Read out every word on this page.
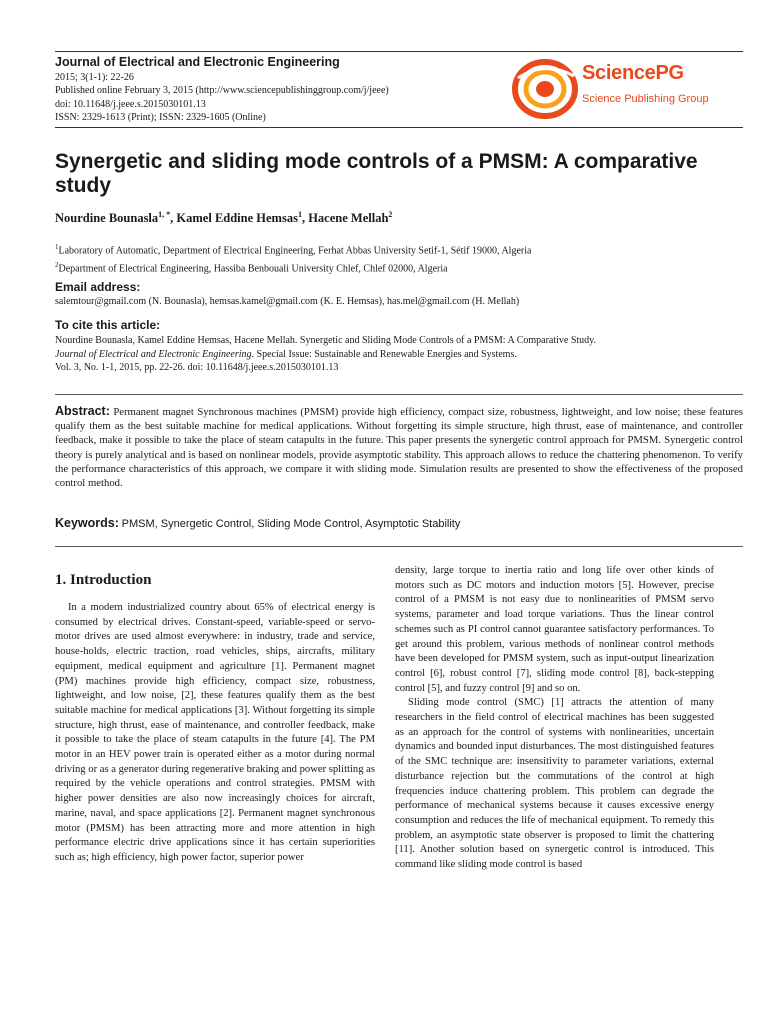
Journal of Electrical and Electronic Engineering
2015; 3(1-1): 22-26
Published online February 3, 2015 (http://www.sciencepublishinggroup.com/j/jeee)
doi: 10.11648/j.jeee.s.2015030101.13
ISSN: 2329-1613 (Print); ISSN: 2329-1605 (Online)
SciencePG
Science Publishing Group
Synergetic and sliding mode controls of a PMSM: A comparative study
Nourdine Bounasla$^{1, *}$, Kamel Eddine Hemsas$^1$, Hacene Mellah$^2$
$^1$Laboratory of Automatic, Department of Electrical Engineering, Ferhat Abbas University Setif-1, Sétif 19000, Algeria
$^2$Department of Electrical Engineering, Hassiba Benbouali University Chlef, Chlef 02000, Algeria
Email address:
salemtour@gmail.com (N. Bounasla), hemsas.kamel@gmail.com (K. E. Hemsas), has.mel@gmail.com (H. Mellah)
To cite this article:
Nourdine Bounasla, Kamel Eddine Hemsas, Hacene Mellah. Synergetic and Sliding Mode Controls of a PMSM: A Comparative Study.
Journal of Electrical and Electronic Engineering. Special Issue: Sustainable and Renewable Energies and Systems.
Vol. 3, No. 1-1, 2015, pp. 22-26. doi: 10.11648/j.jeee.s.2015030101.13
Abstract: Permanent magnet Synchronous machines (PMSM) provide high efficiency, compact size, robustness, lightweight, and low noise; these features qualify them as the best suitable machine for medical applications. Without forgetting its simple structure, high thrust, ease of maintenance, and controller feedback, make it possible to take the place of steam catapults in the future. This paper presents the synergetic control approach for PMSM. Synergetic control theory is purely analytical and is based on nonlinear models, provide asymptotic stability. This approach allows to reduce the chattering phenomenon. To verify the performance characteristics of this approach, we compare it with sliding mode. Simulation results are presented to show the effectiveness of the proposed control method.
Keywords: PMSM, Synergetic Control, Sliding Mode Control, Asymptotic Stability
1. Introduction

In a modern industrialized country about 65% of electrical energy is consumed by electrical drives. Constant-speed, variable-speed or servo-motor drives are used almost everywhere: in industry, trade and service, house-holds, electric traction, road vehicles, ships, aircrafts, military equipment, medical equipment and agriculture [1]. Permanent magnet (PM) machines provide high efficiency, compact size, robustness, lightweight, and low noise, [2], these features qualify them as the best suitable machine for medical applications [3]. Without forgetting its simple structure, high thrust, ease of maintenance, and controller feedback, make it possible to take the place of steam catapults in the future [4]. The PM motor in an HEV power train is operated either as a motor during normal driving or as a generator during regenerative braking and power splitting as required by the vehicle operations and control strategies. PMSM with higher power densities are also now increasingly choices for aircraft, marine, naval, and space applications [2]. Permanent magnet synchronous motor (PMSM) has been attracting more and more attention in high performance electric drive applications since it has certain superiorities such as; high efficiency, high power factor, superior power

density, large torque to inertia ratio and long life over other kinds of motors such as DC motors and induction motors [5]. However, precise control of a PMSM is not easy due to nonlinearities of PMSM servo systems, parameter and load torque variations. Thus the linear control schemes such as PI control cannot guarantee satisfactory performances. To get around this problem, various methods of nonlinear control methods have been developed for PMSM system, such as input-output linearization control [6], robust control [7], sliding mode control [8], back-stepping control [5], and fuzzy control [9] and so on.

Sliding mode control (SMC) [1] attracts the attention of many researchers in the field control of electrical machines has been suggested as an approach for the control of systems with nonlinearities, uncertain dynamics and bounded input disturbances. The most distinguished features of the SMC technique are: insensitivity to parameter variations, external disturbance rejection but the commutations of the control at high frequencies induce chattering problem. This problem can degrade the performance of mechanical systems because it causes excessive energy consumption and reduces the life of mechanical equipment. To remedy this problem, an asymptotic state observer is proposed to limit the chattering [11]. Another solution based on synergetic control is introduced. This command like sliding mode control is based
